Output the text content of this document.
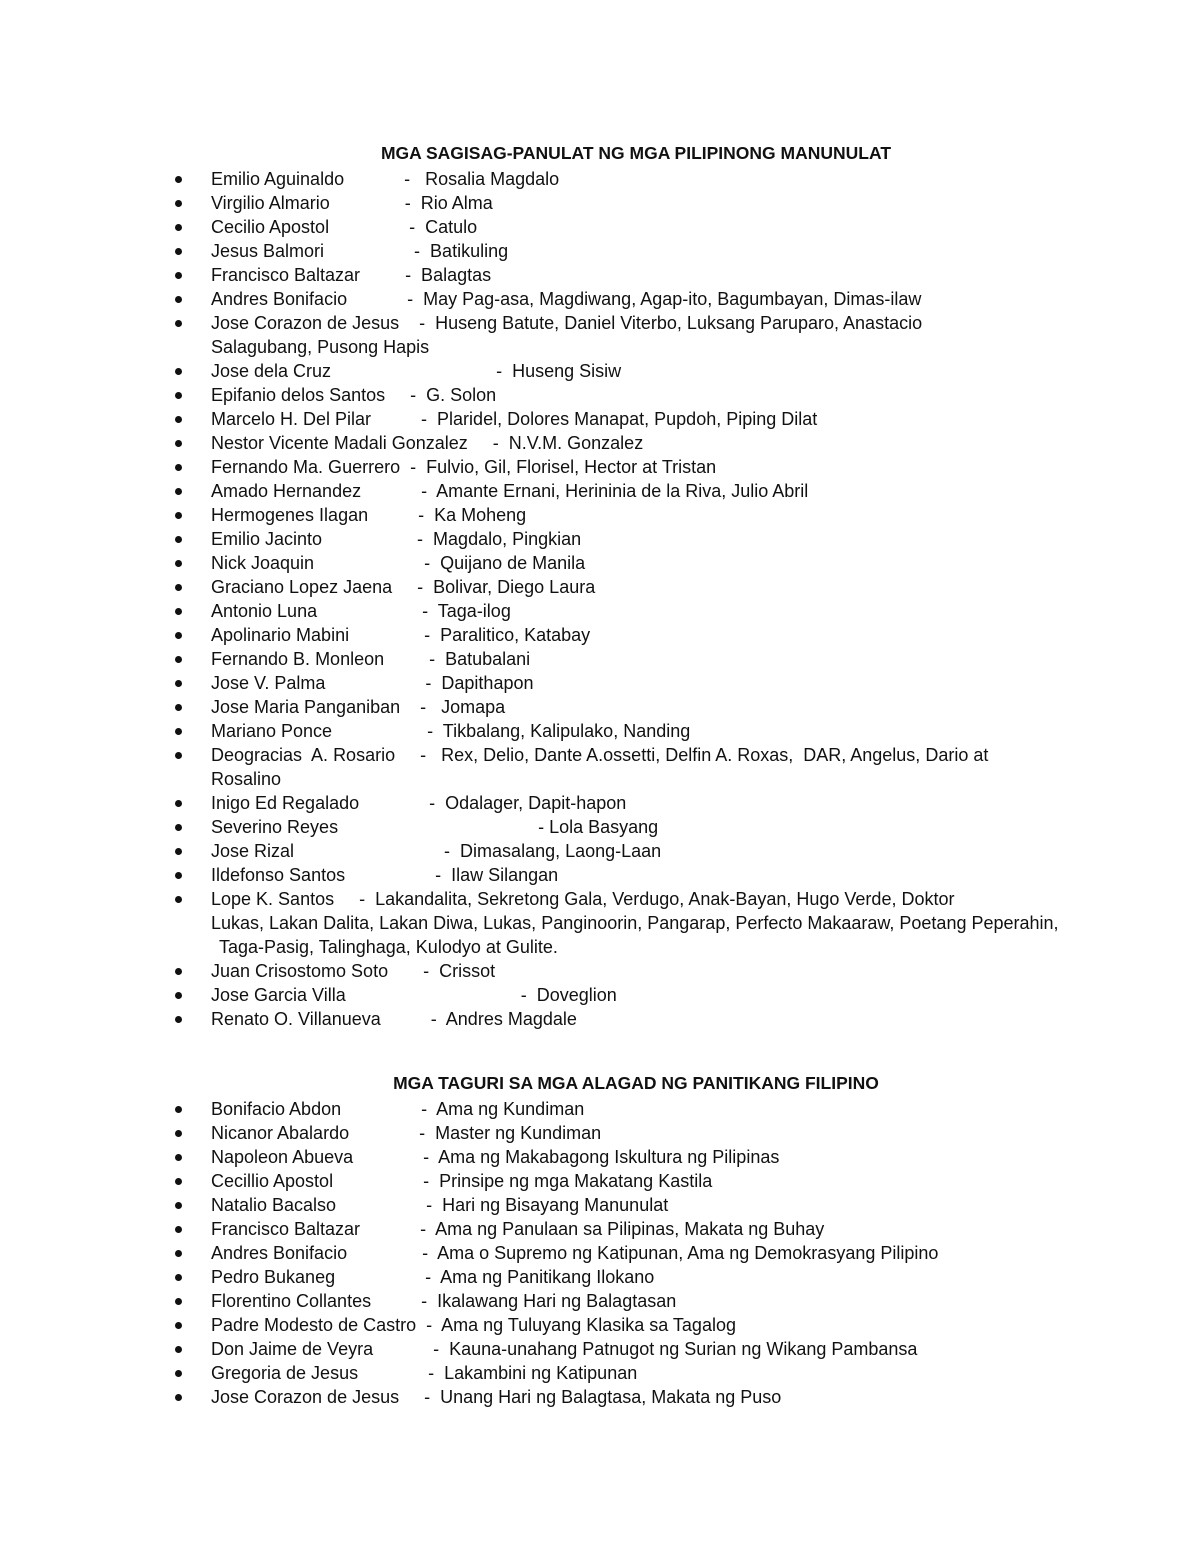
MGA SAGISAG-PANULAT NG MGA PILIPINONG MANUNULAT
Emilio Aguinaldo            -   Rosalia Magdalo
Virgilio Almario               -  Rio Alma
Cecilio Apostol                -  Catulo
Jesus Balmori                  -  Batikuling
Francisco Baltazar         -  Balagtas
Andres Bonifacio            -  May Pag-asa, Magdiwang, Agap-ito, Bagumbayan, Dimas-ilaw
Jose Corazon de Jesus    -  Huseng Batute, Daniel Viterbo, Luksang Paruparo, Anastacio
Salagubang, Pusong Hapis
Jose dela Cruz                                 -  Huseng Sisiw
Epifanio delos Santos     -  G. Solon
Marcelo H. Del Pilar          -  Plaridel, Dolores Manapat, Pupdoh, Piping Dilat
Nestor Vicente Madali Gonzalez     -  N.V.M. Gonzalez
Fernando Ma. Guerrero  -  Fulvio, Gil, Florisel, Hector at Tristan
Amado Hernandez            -  Amante Ernani, Herininia de la Riva, Julio Abril
Hermogenes Ilagan          -  Ka Moheng
Emilio Jacinto                   -  Magdalo, Pingkian
Nick Joaquin                      -  Quijano de Manila
Graciano Lopez Jaena     -  Bolivar, Diego Laura
Antonio Luna                     -  Taga-ilog
Apolinario Mabini               -  Paralitico, Katabay
Fernando B. Monleon         -  Batubalani
Jose V. Palma                    -  Dapithapon
Jose Maria Panganiban    -   Jomapa
Mariano Ponce                   -  Tikbalang, Kalipulako, Nanding
Deogracias  A. Rosario     -   Rex, Delio, Dante A.ossetti, Delfin A. Roxas,  DAR, Angelus, Dario at
Rosalino
Inigo Ed Regalado              -  Odalager, Dapit-hapon
Severino Reyes                                        - Lola Basyang
Jose Rizal                              -  Dimasalang, Laong-Laan
Ildefonso Santos                  -  Ilaw Silangan
Lope K. Santos     -  Lakandalita, Sekretong Gala, Verdugo, Anak-Bayan, Hugo Verde, Doktor
Lukas, Lakan Dalita, Lakan Diwa, Lukas, Panginoorin, Pangarap, Perfecto Makaaraw, Poetang Peperahin,
Taga-Pasig, Talinghaga, Kulodyo at Gulite.
Juan Crisostomo Soto       -  Crissot
Jose Garcia Villa                                   -  Doveglion
Renato O. Villanueva          -  Andres Magdale
MGA TAGURI SA MGA ALAGAD NG PANITIKANG FILIPINO
Bonifacio Abdon                -  Ama ng Kundiman
Nicanor Abalardo              -  Master ng Kundiman
Napoleon Abueva              -  Ama ng Makabagong Iskultura ng Pilipinas
Cecillio Apostol                  -  Prinsipe ng mga Makatang Kastila
Natalio Bacalso                  -  Hari ng Bisayang Manunulat
Francisco Baltazar            -  Ama ng Panulaan sa Pilipinas, Makata ng Buhay
Andres Bonifacio               -  Ama o Supremo ng Katipunan, Ama ng Demokrasyang Pilipino
Pedro Bukaneg                  -  Ama ng Panitikang Ilokano
Florentino Collantes          -  Ikalawang Hari ng Balagtasan
Padre Modesto de Castro  -  Ama ng Tuluyang Klasika sa Tagalog
Don Jaime de Veyra            -  Kauna-unahang Patnugot ng Surian ng Wikang Pambansa
Gregoria de Jesus              -  Lakambini ng Katipunan
Jose Corazon de Jesus     -  Unang Hari ng Balagtasa, Makata ng Puso
